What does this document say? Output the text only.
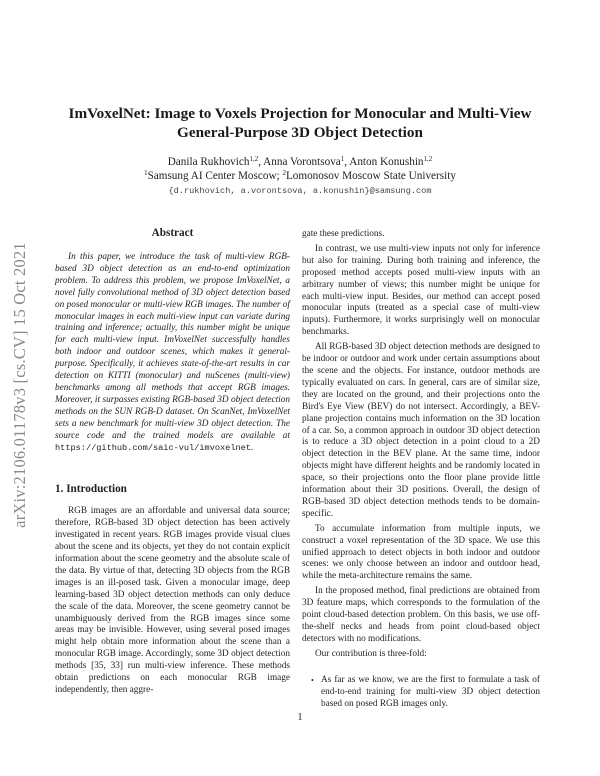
arXiv:2106.01178v3 [cs.CV] 15 Oct 2021
ImVoxelNet: Image to Voxels Projection for Monocular and Multi-View
General-Purpose 3D Object Detection
Danila Rukhovich$^{1,2}$, Anna Vorontsova$^1$, Anton Konushin$^{1,2}$
$^1$Samsung AI Center Moscow; $^2$Lomonosov Moscow State University
{d.rukhovich, a.vorontsova, a.konushin}@samsung.com
Abstract

In this paper, we introduce the task of multi-view RGB-based 3D object detection as an end-to-end optimization problem. To address this problem, we propose ImVoxelNet, a novel fully convolutional method of 3D object detection based on posed monocular or multi-view RGB images. The number of monocular images in each multi-view input can variate during training and inference; actually, this number might be unique for each multi-view input. ImVoxelNet successfully handles both indoor and outdoor scenes, which makes it general-purpose. Specifically, it achieves state-of-the-art results in car detection on KITTI (monocular) and nuScenes (multi-view) benchmarks among all methods that accept RGB images. Moreover, it surpasses existing RGB-based 3D object detection methods on the SUN RGB-D dataset. On ScanNet, ImVoxelNet sets a new benchmark for multi-view 3D object detection. The source code and the trained models are available at https://github.com/saic-vul/imvoxelnet.

1. Introduction

RGB images are an affordable and universal data source; therefore, RGB-based 3D object detection has been actively investigated in recent years. RGB images provide visual clues about the scene and its objects, yet they do not contain explicit information about the scene geometry and the absolute scale of the data. By virtue of that, detecting 3D objects from the RGB images is an ill-posed task. Given a monocular image, deep learning-based 3D object detection methods can only deduce the scale of the data. Moreover, the scene geometry cannot be unambiguously derived from the RGB images since some areas may be invisible. However, using several posed images might help obtain more information about the scene than a monocular RGB image. Accordingly, some 3D object detection methods [35, 33] run multi-view inference. These methods obtain predictions on each monocular RGB image independently, then aggre-

gate these predictions.

In contrast, we use multi-view inputs not only for inference but also for training. During both training and inference, the proposed method accepts posed multi-view inputs with an arbitrary number of views; this number might be unique for each multi-view input. Besides, our method can accept posed monocular inputs (treated as a special case of multi-view inputs). Furthermore, it works surprisingly well on monocular benchmarks.

All RGB-based 3D object detection methods are designed to be indoor or outdoor and work under certain assumptions about the scene and the objects. For instance, outdoor methods are typically evaluated on cars. In general, cars are of similar size, they are located on the ground, and their projections onto the Bird's Eye View (BEV) do not intersect. Accordingly, a BEV-plane projection contains much information on the 3D location of a car. So, a common approach in outdoor 3D object detection is to reduce a 3D object detection in a point cloud to a 2D object detection in the BEV plane. At the same time, indoor objects might have different heights and be randomly located in space, so their projections onto the floor plane provide little information about their 3D positions. Overall, the design of RGB-based 3D object detection methods tends to be domain-specific.

To accumulate information from multiple inputs, we construct a voxel representation of the 3D space. We use this unified approach to detect objects in both indoor and outdoor scenes: we only choose between an indoor and outdoor head, while the meta-architecture remains the same.

In the proposed method, final predictions are obtained from 3D feature maps, which corresponds to the formulation of the point cloud-based detection problem. On this basis, we use off-the-shelf necks and heads from point cloud-based object detectors with no modifications.

Our contribution is three-fold:

• As far as we know, we are the first to formulate a task of end-to-end training for multi-view 3D object detection based on posed RGB images only.
1
